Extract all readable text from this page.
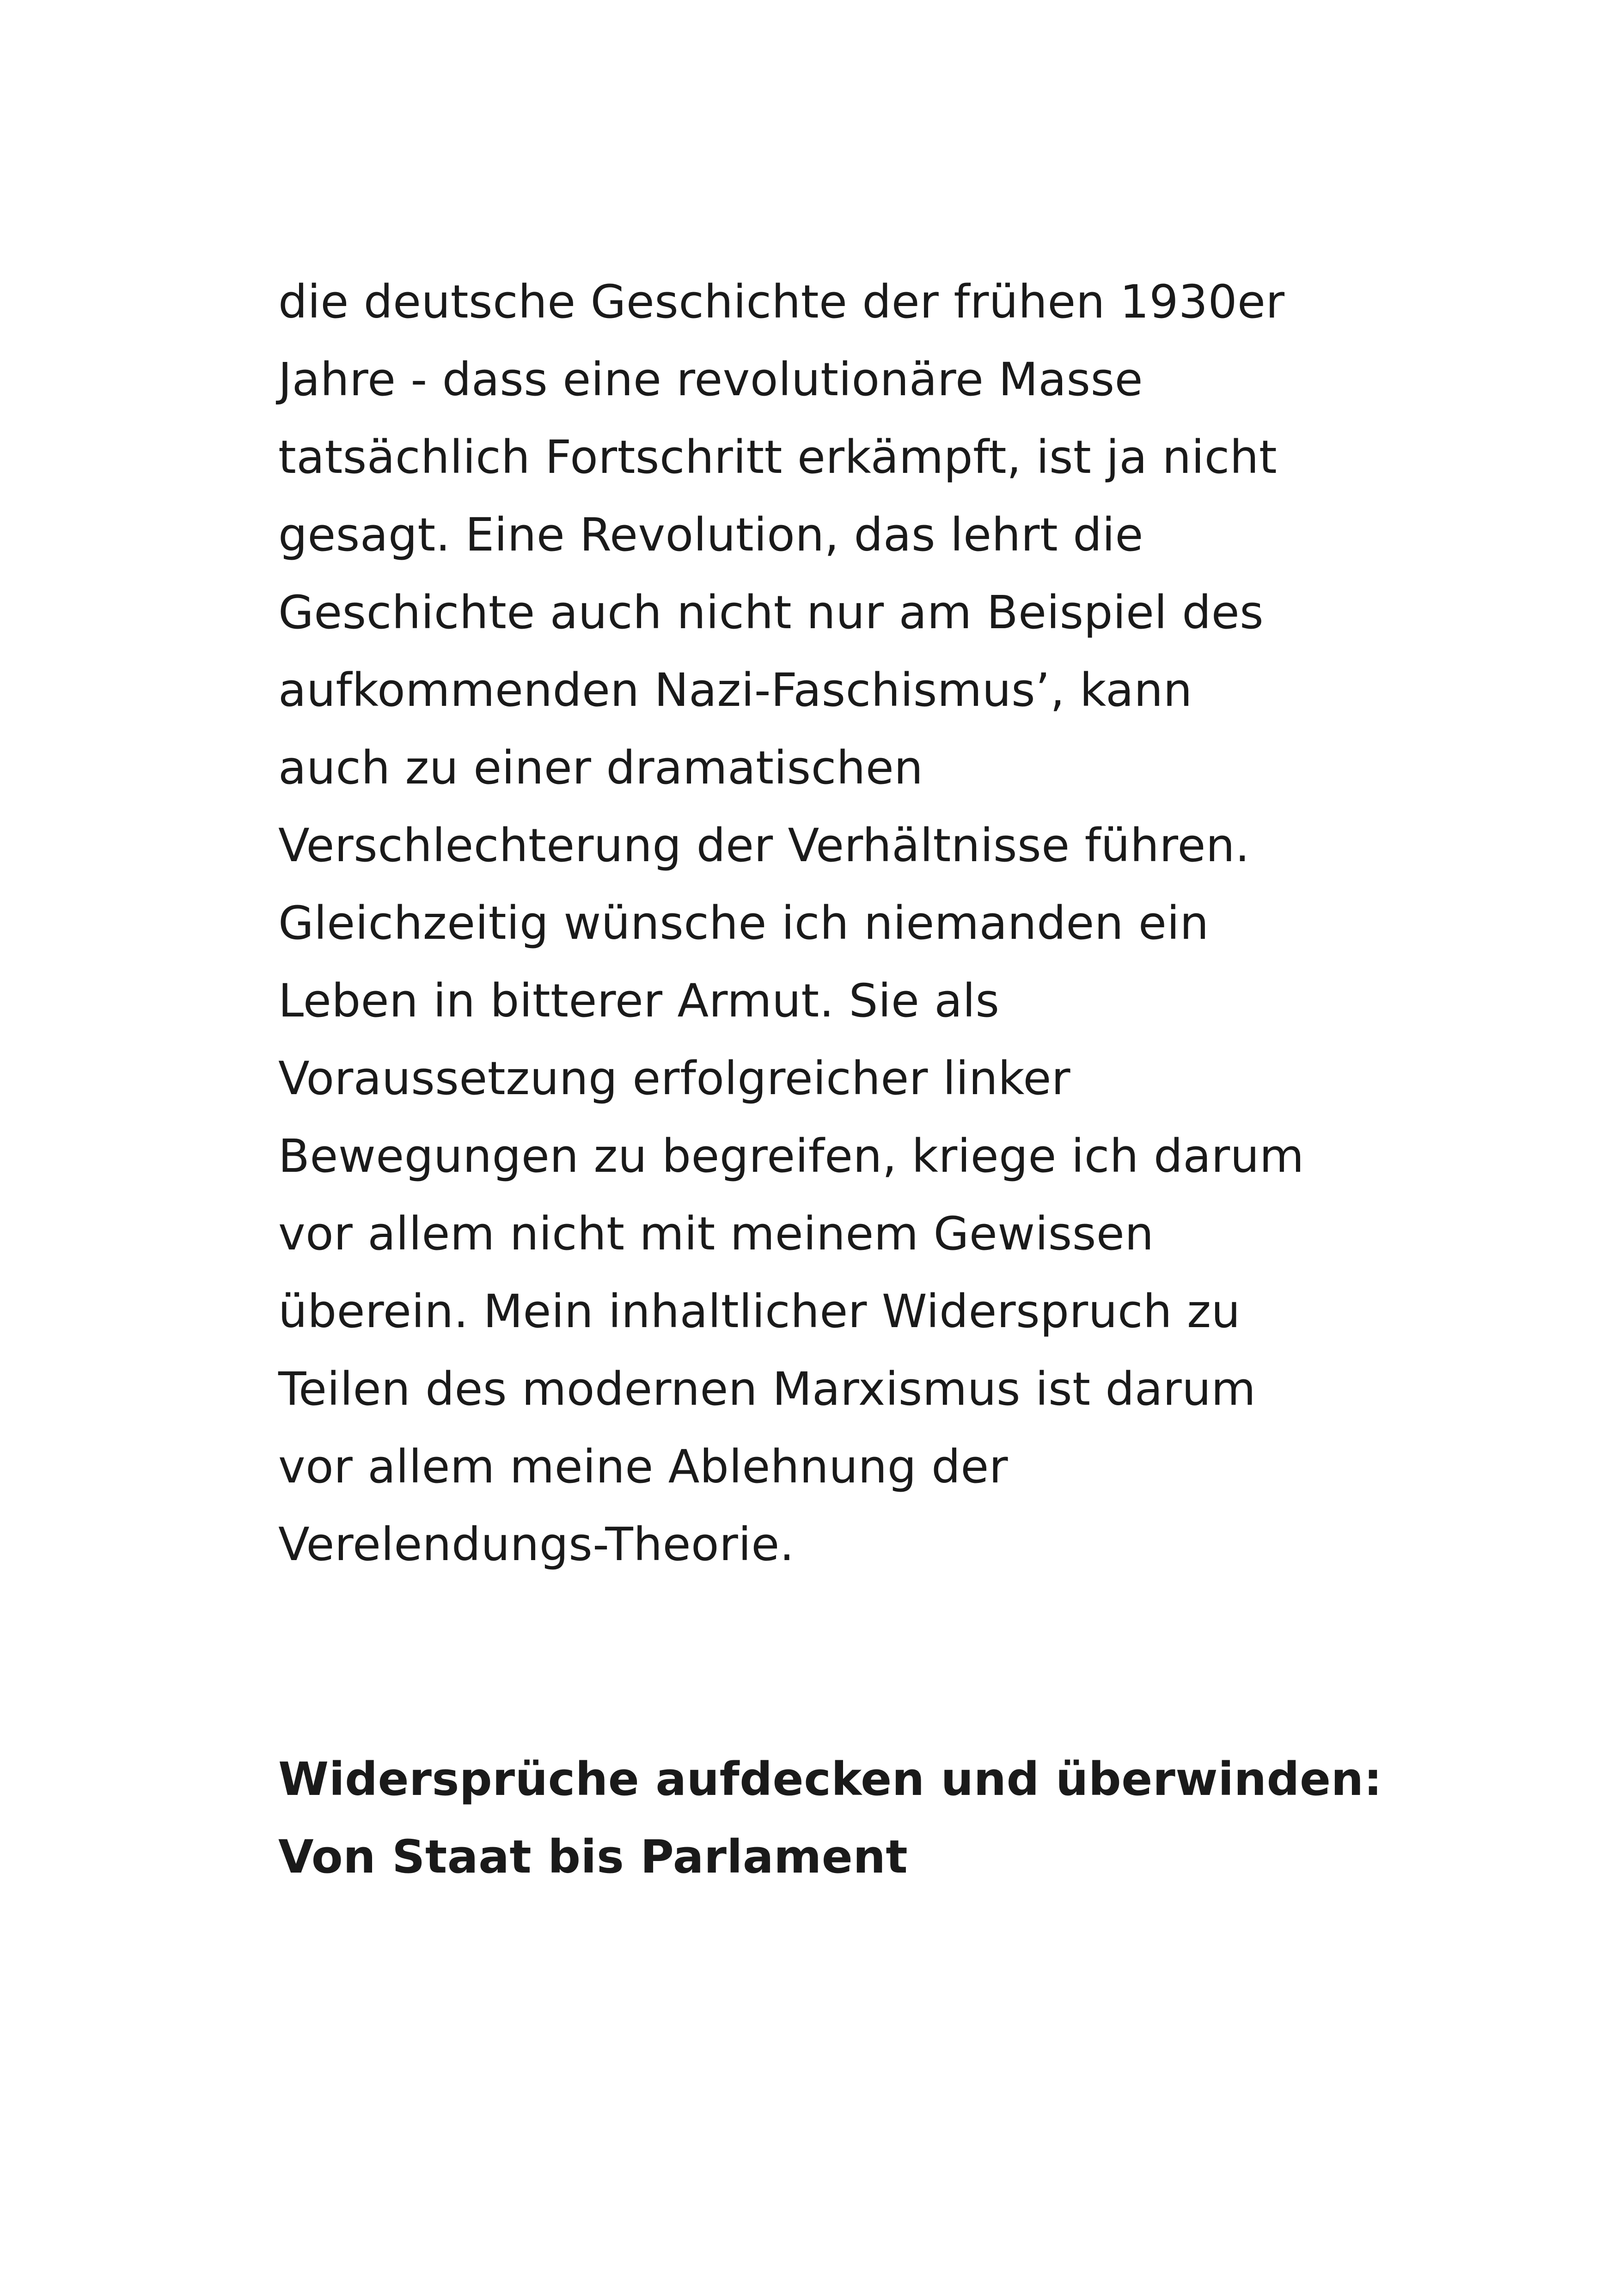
die deutsche Geschichte der frühen 1930er
Jahre - dass eine revolutionäre Masse
tatsächlich Fortschritt erkämpft, ist ja nicht
gesagt. Eine Revolution, das lehrt die
Geschichte auch nicht nur am Beispiel des
aufkommenden Nazi-Faschismus’, kann
auch zu einer dramatischen
Verschlechterung der Verhältnisse führen.
Gleichzeitig wünsche ich niemanden ein
Leben in bitterer Armut. Sie als
Voraussetzung erfolgreicher linker
Bewegungen zu begreifen, kriege ich darum
vor allem nicht mit meinem Gewissen
überein. Mein inhaltlicher Widerspruch zu
Teilen des modernen Marxismus ist darum
vor allem meine Ablehnung der
Verelendungs-Theorie.
Widersprüche aufdecken und überwinden:
Von Staat bis Parlament
